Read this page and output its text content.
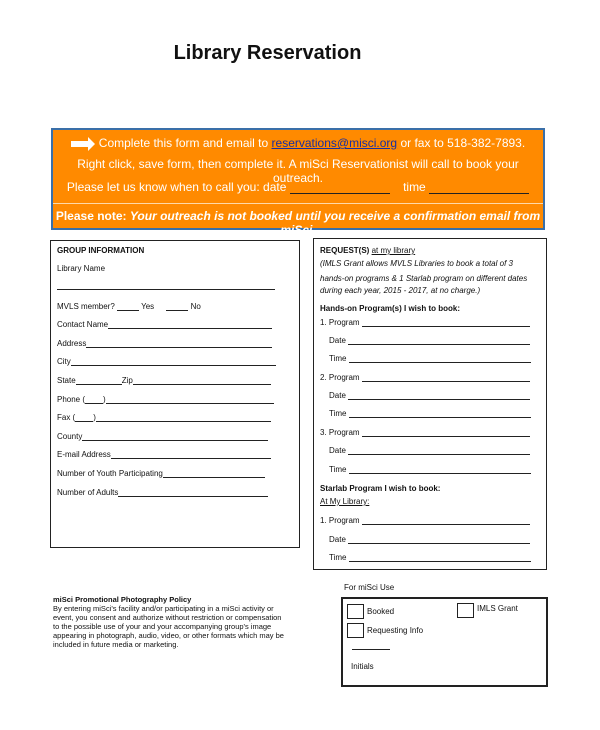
Library Reservation
Complete this form and email to reservations@misci.org or fax to 518-382-7893.
Right click, save form, then complete it. A miSci Reservationist will call to book your outreach.
Please let us know when to call you: date	time
Please note: Your outreach is not booked until you receive a confirmation email from miSci.
GROUP INFORMATION
Library Name
MVLS member?	Yes	No
Contact Name
Address
City
State	Zip
Phone ( )
Fax ( )
County
E-mail Address
Number of Youth Participating
Number of Adults
REQUEST(S) at my library
(IMLS Grant allows MVLS Libraries to book a total of 3
hands-on programs & 1 Starlab program on different dates
during each year, 2015 - 2017, at no charge.)
Hands-on Program(s) I wish to book:
1. Program
Date
Time
2. Program
Date
Time
3. Program
Date
Time
Starlab Program I wish to book:
At My Library:
1. Program
Date
Time
miSci Promotional Photography Policy
By entering miSci's facility and/or participating in a miSci activity or
event, you consent and authorize without restriction or compensation
to the possible use of your and your accompanying group's image
appearing in photograph, audio, video, or other formats which may be
included in future media or marketing.
For miSci Use
Booked	IMLS Grant
Requesting Info
Initials
